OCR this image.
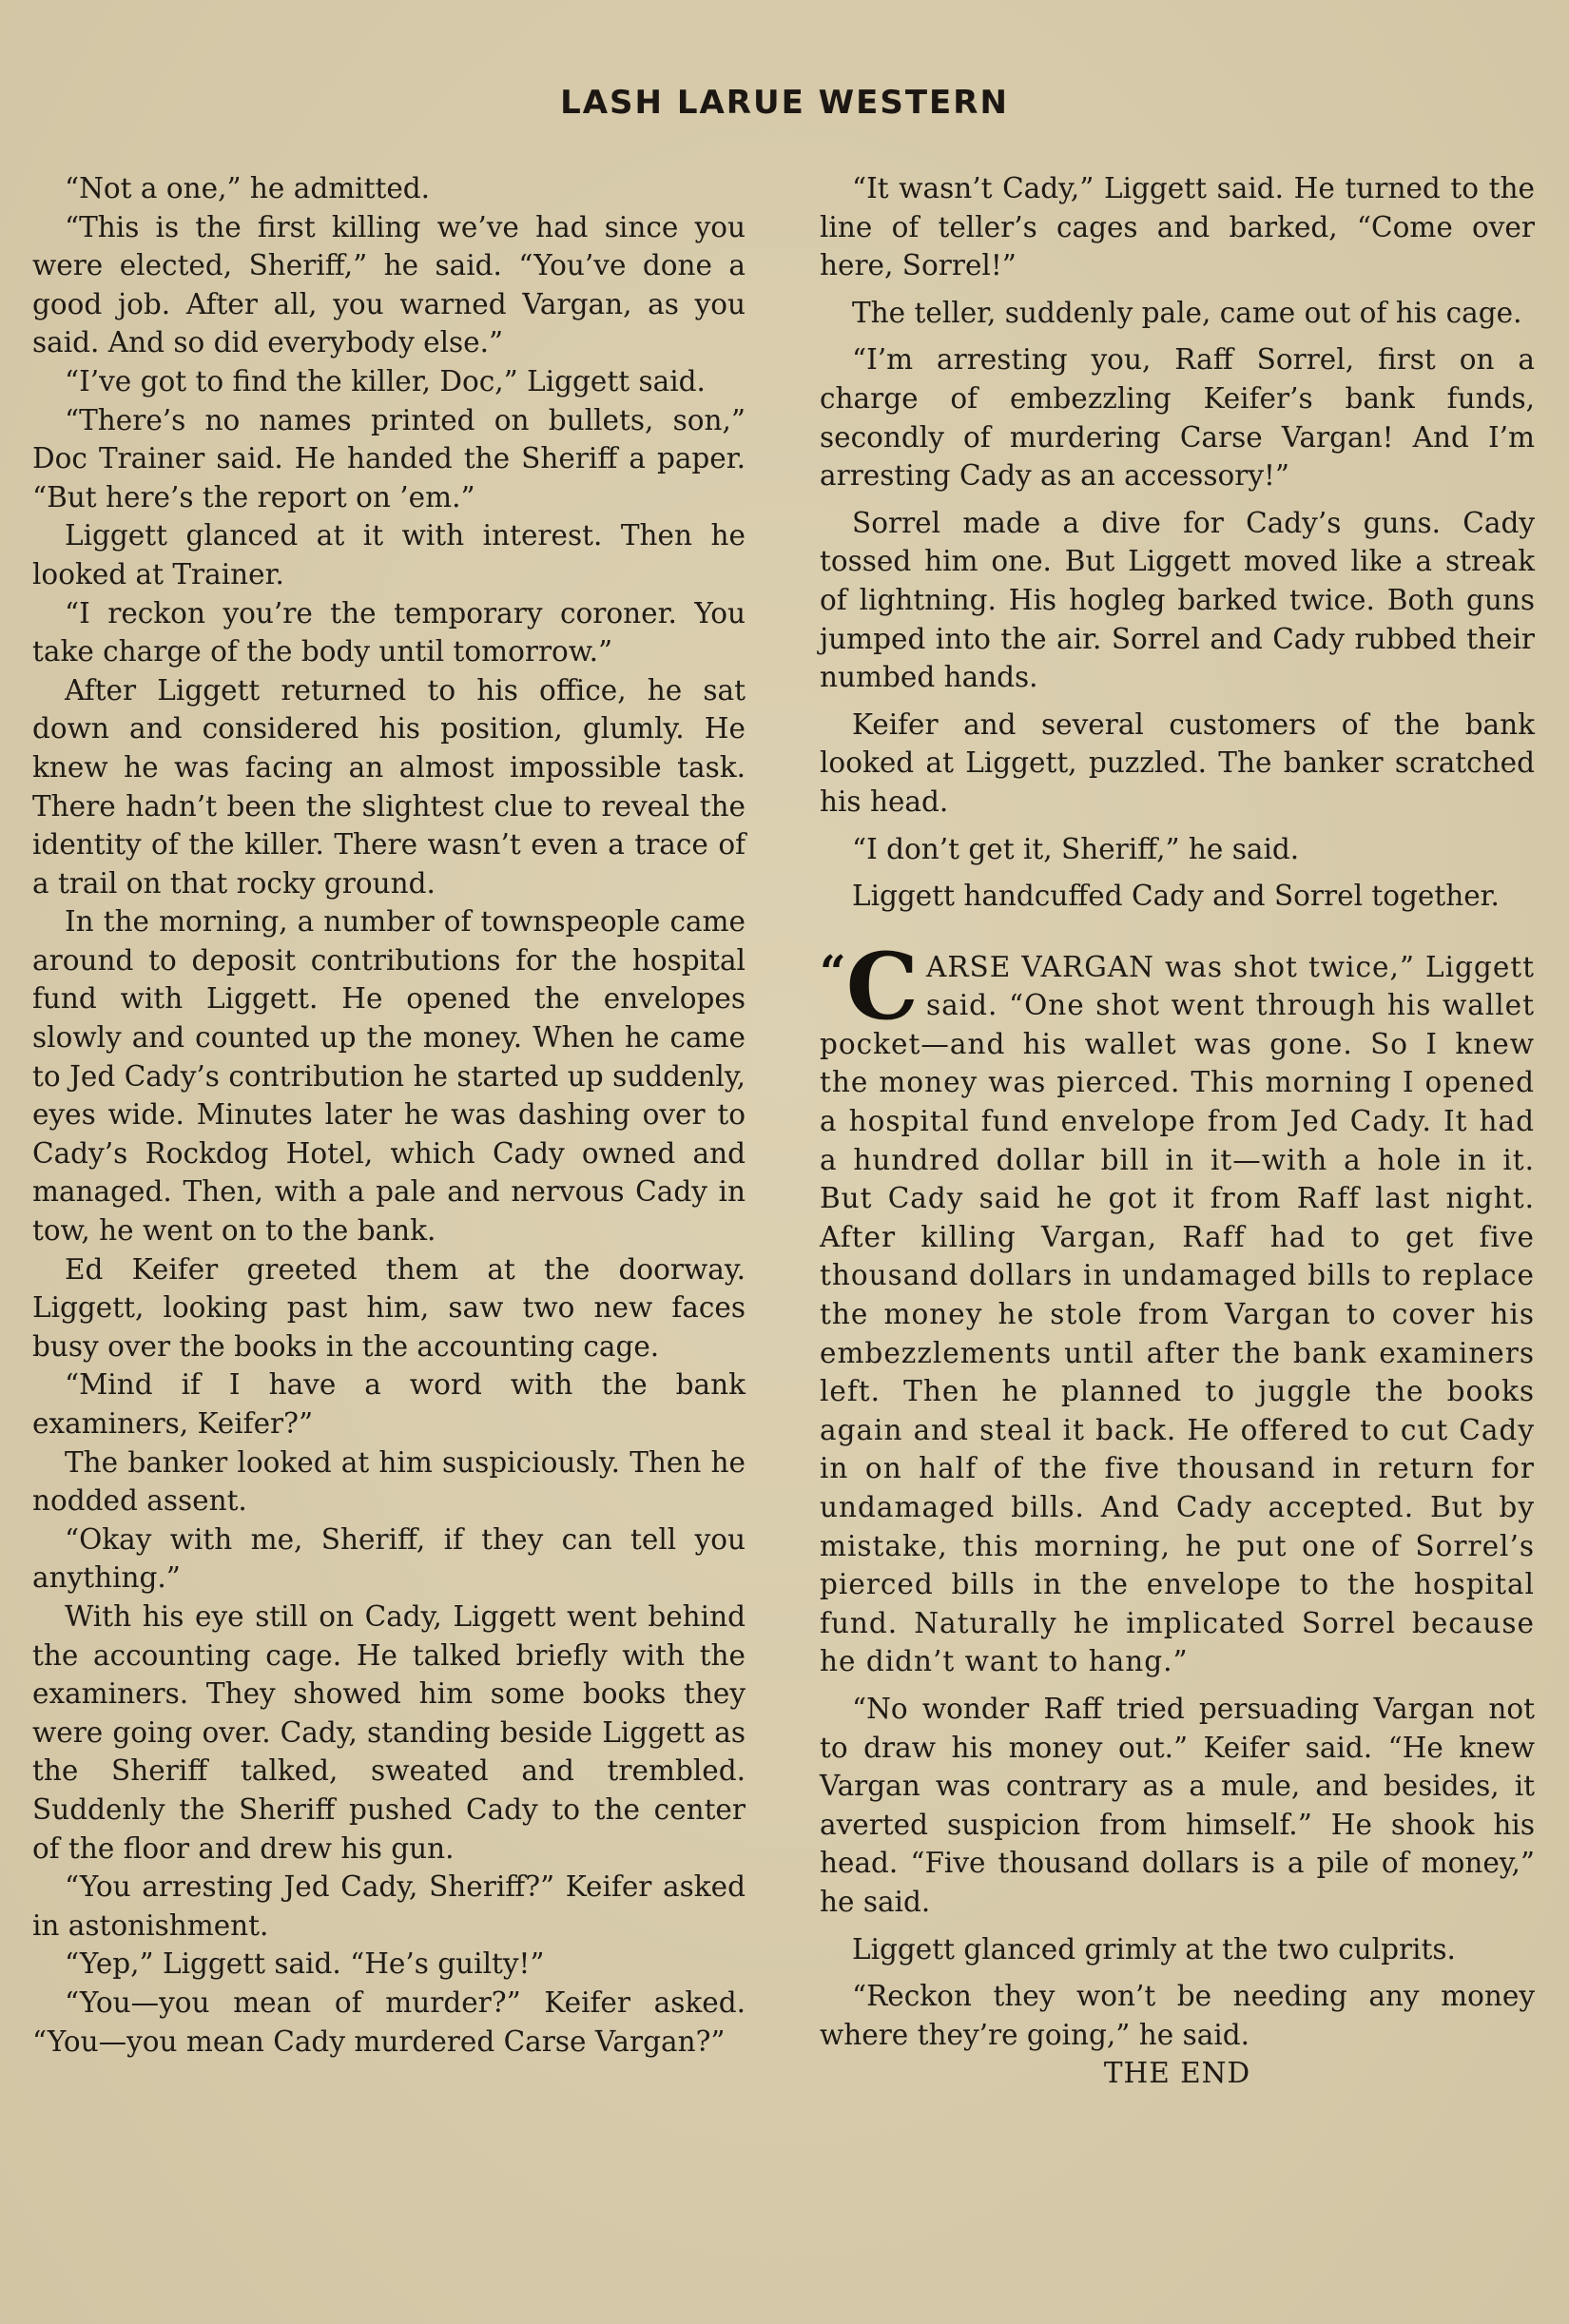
LASH LARUE WESTERN

“Not a one,” he admitted.

“This is the first killing we’ve had since you were elected, Sheriff,” he said. “You’ve done a good job. After all, you warned Vargan, as you said. And so did everybody else.”

“I’ve got to find the killer, Doc,” Liggett said.

“There’s no names printed on bullets, son,” Doc Trainer said. He handed the Sheriff a paper. “But here’s the report on ’em.”

Liggett glanced at it with interest. Then he looked at Trainer.

“I reckon you’re the temporary coroner. You take charge of the body until tomorrow.”

After Liggett returned to his office, he sat down and considered his position, glumly. He knew he was facing an almost impossible task. There hadn’t been the slightest clue to reveal the identity of the killer. There wasn’t even a trace of a trail on that rocky ground.

In the morning, a number of townspeople came around to deposit contributions for the hospital fund with Liggett. He opened the envelopes slowly and counted up the money. When he came to Jed Cady’s contribution he started up suddenly, eyes wide. Minutes later he was dashing over to Cady’s Rockdog Hotel, which Cady owned and managed. Then, with a pale and nervous Cady in tow, he went on to the bank.

Ed Keifer greeted them at the doorway. Liggett, looking past him, saw two new faces busy over the books in the accounting cage.

“Mind if I have a word with the bank examiners, Keifer?”

The banker looked at him suspiciously. Then he nodded assent.

“Okay with me, Sheriff, if they can tell you anything.”

With his eye still on Cady, Liggett went behind the accounting cage. He talked briefly with the examiners. They showed him some books they were going over. Cady, standing beside Liggett as the Sheriff talked, sweated and trembled. Suddenly the Sheriff pushed Cady to the center of the floor and drew his gun.

“You arresting Jed Cady, Sheriff?” Keifer asked in astonishment.

“Yep,” Liggett said. “He’s guilty!”

“You—you mean of murder?” Keifer asked. “You—you mean Cady murdered Carse Vargan?”

“It wasn’t Cady,” Liggett said. He turned to the line of teller’s cages and barked, “Come over here, Sorrel!”

The teller, suddenly pale, came out of his cage.

“I’m arresting you, Raff Sorrel, first on a charge of embezzling Keifer’s bank funds, secondly of murdering Carse Vargan! And I’m arresting Cady as an accessory!”

Sorrel made a dive for Cady’s guns. Cady tossed him one. But Liggett moved like a streak of lightning. His hogleg barked twice. Both guns jumped into the air. Sorrel and Cady rubbed their numbed hands.

Keifer and several customers of the bank looked at Liggett, puzzled. The banker scratched his head.

“I don’t get it, Sheriff,” he said.

Liggett handcuffed Cady and Sorrel together.

“C ARSE VARGAN was shot twice,” Liggett said. “One shot went through his wallet pocket—and his wallet was gone. So I knew the money was pierced. This morning I opened a hospital fund envelope from Jed Cady. It had a hundred dollar bill in it—with a hole in it. But Cady said he got it from Raff last night. After killing Vargan, Raff had to get five thousand dollars in undamaged bills to replace the money he stole from Vargan to cover his embezzlements until after the bank examiners left. Then he planned to juggle the books again and steal it back. He offered to cut Cady in on half of the five thousand in return for undamaged bills. And Cady accepted. But by mistake, this morning, he put one of Sorrel’s pierced bills in the envelope to the hospital fund. Naturally he implicated Sorrel because he didn’t want to hang.”

“No wonder Raff tried persuading Vargan not to draw his money out.” Keifer said. “He knew Vargan was contrary as a mule, and besides, it averted suspicion from himself.” He shook his head. “Five thousand dollars is a pile of money,” he said.

Liggett glanced grimly at the two culprits.

“Reckon they won’t be needing any money where they’re going,” he said.

THE END
